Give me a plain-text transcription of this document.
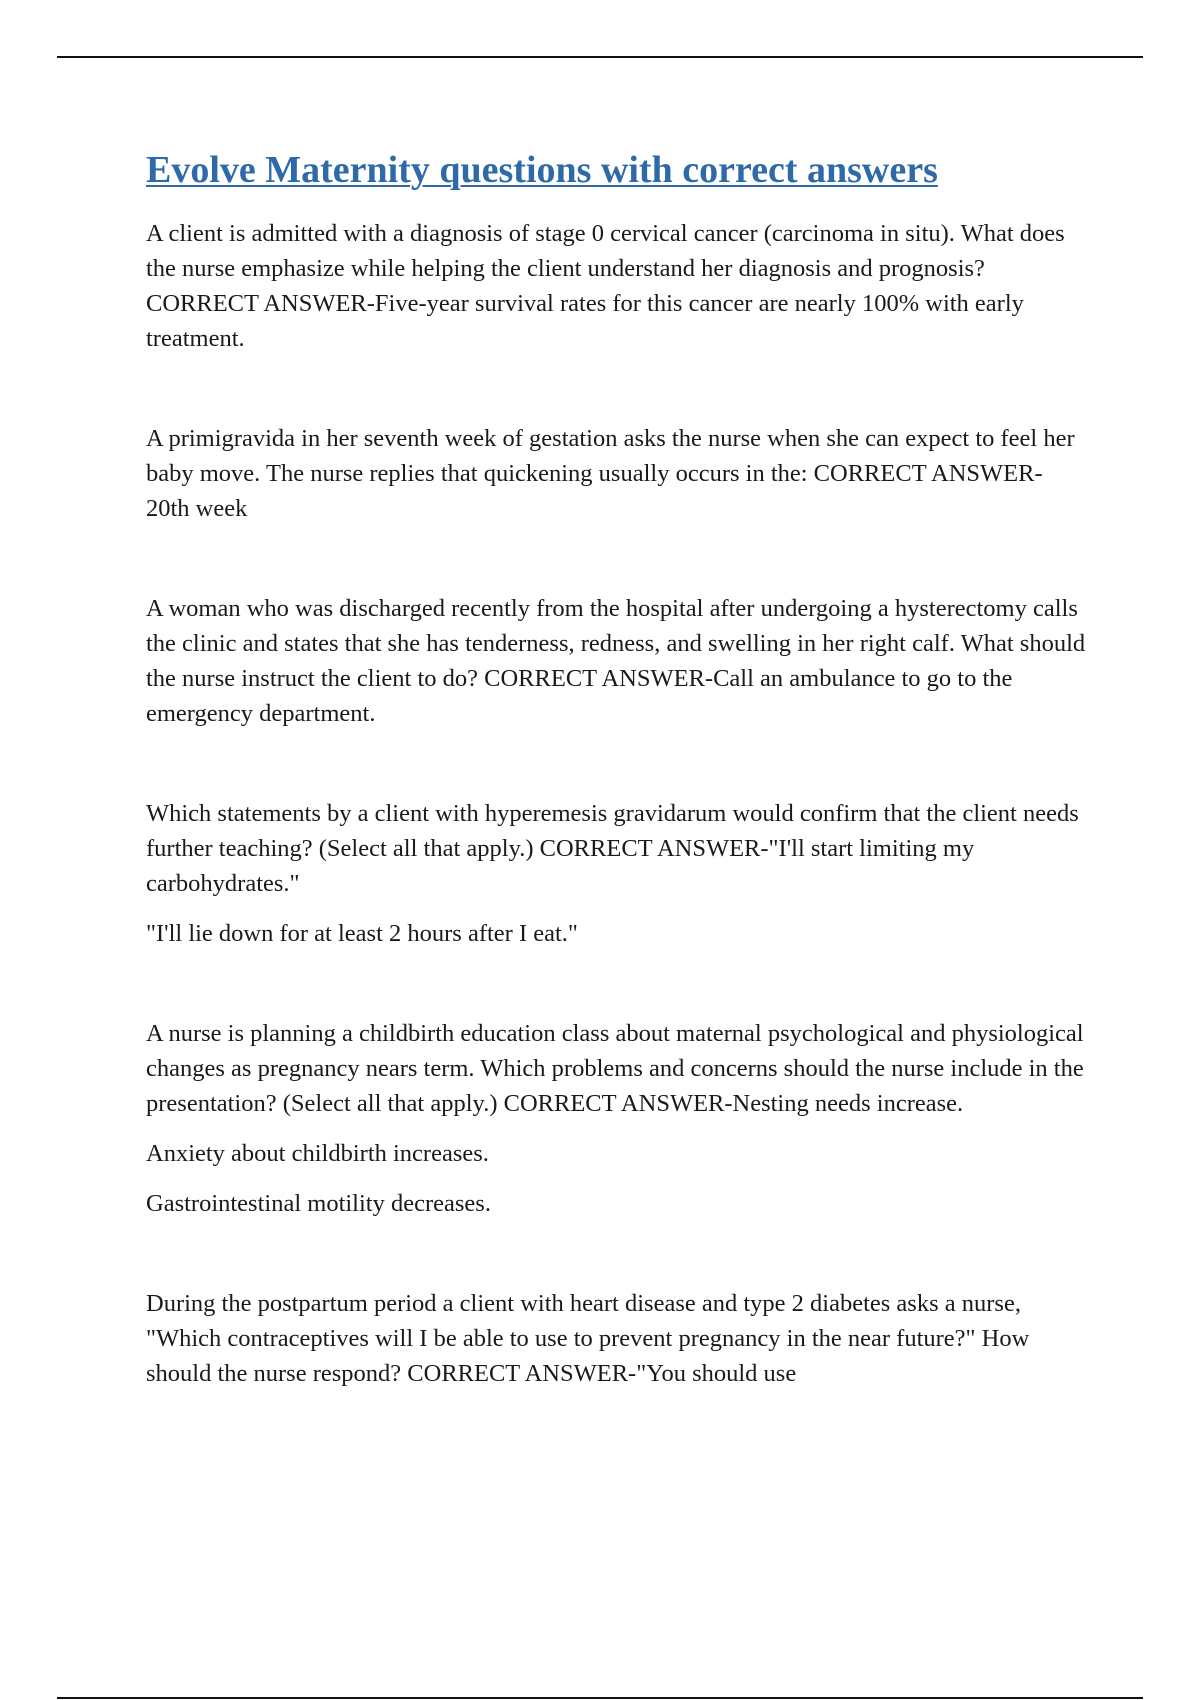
Evolve Maternity questions with correct answers

A client is admitted with a diagnosis of stage 0 cervical cancer (carcinoma in situ). What does the nurse emphasize while helping the client understand her diagnosis and prognosis? CORRECT ANSWER-Five-year survival rates for this cancer are nearly 100% with early treatment.

A primigravida in her seventh week of gestation asks the nurse when she can expect to feel her baby move. The nurse replies that quickening usually occurs in the: CORRECT ANSWER-20th week

A woman who was discharged recently from the hospital after undergoing a hysterectomy calls the clinic and states that she has tenderness, redness, and swelling in her right calf. What should the nurse instruct the client to do? CORRECT ANSWER-Call an ambulance to go to the emergency department.

Which statements by a client with hyperemesis gravidarum would confirm that the client needs further teaching? (Select all that apply.) CORRECT ANSWER-"I'll start limiting my carbohydrates."

"I'll lie down for at least 2 hours after I eat."

A nurse is planning a childbirth education class about maternal psychological and physiological changes as pregnancy nears term. Which problems and concerns should the nurse include in the presentation? (Select all that apply.) CORRECT ANSWER-Nesting needs increase.

Anxiety about childbirth increases.

Gastrointestinal motility decreases.

During the postpartum period a client with heart disease and type 2 diabetes asks a nurse, "Which contraceptives will I be able to use to prevent pregnancy in the near future?" How should the nurse respond? CORRECT ANSWER-"You should use
